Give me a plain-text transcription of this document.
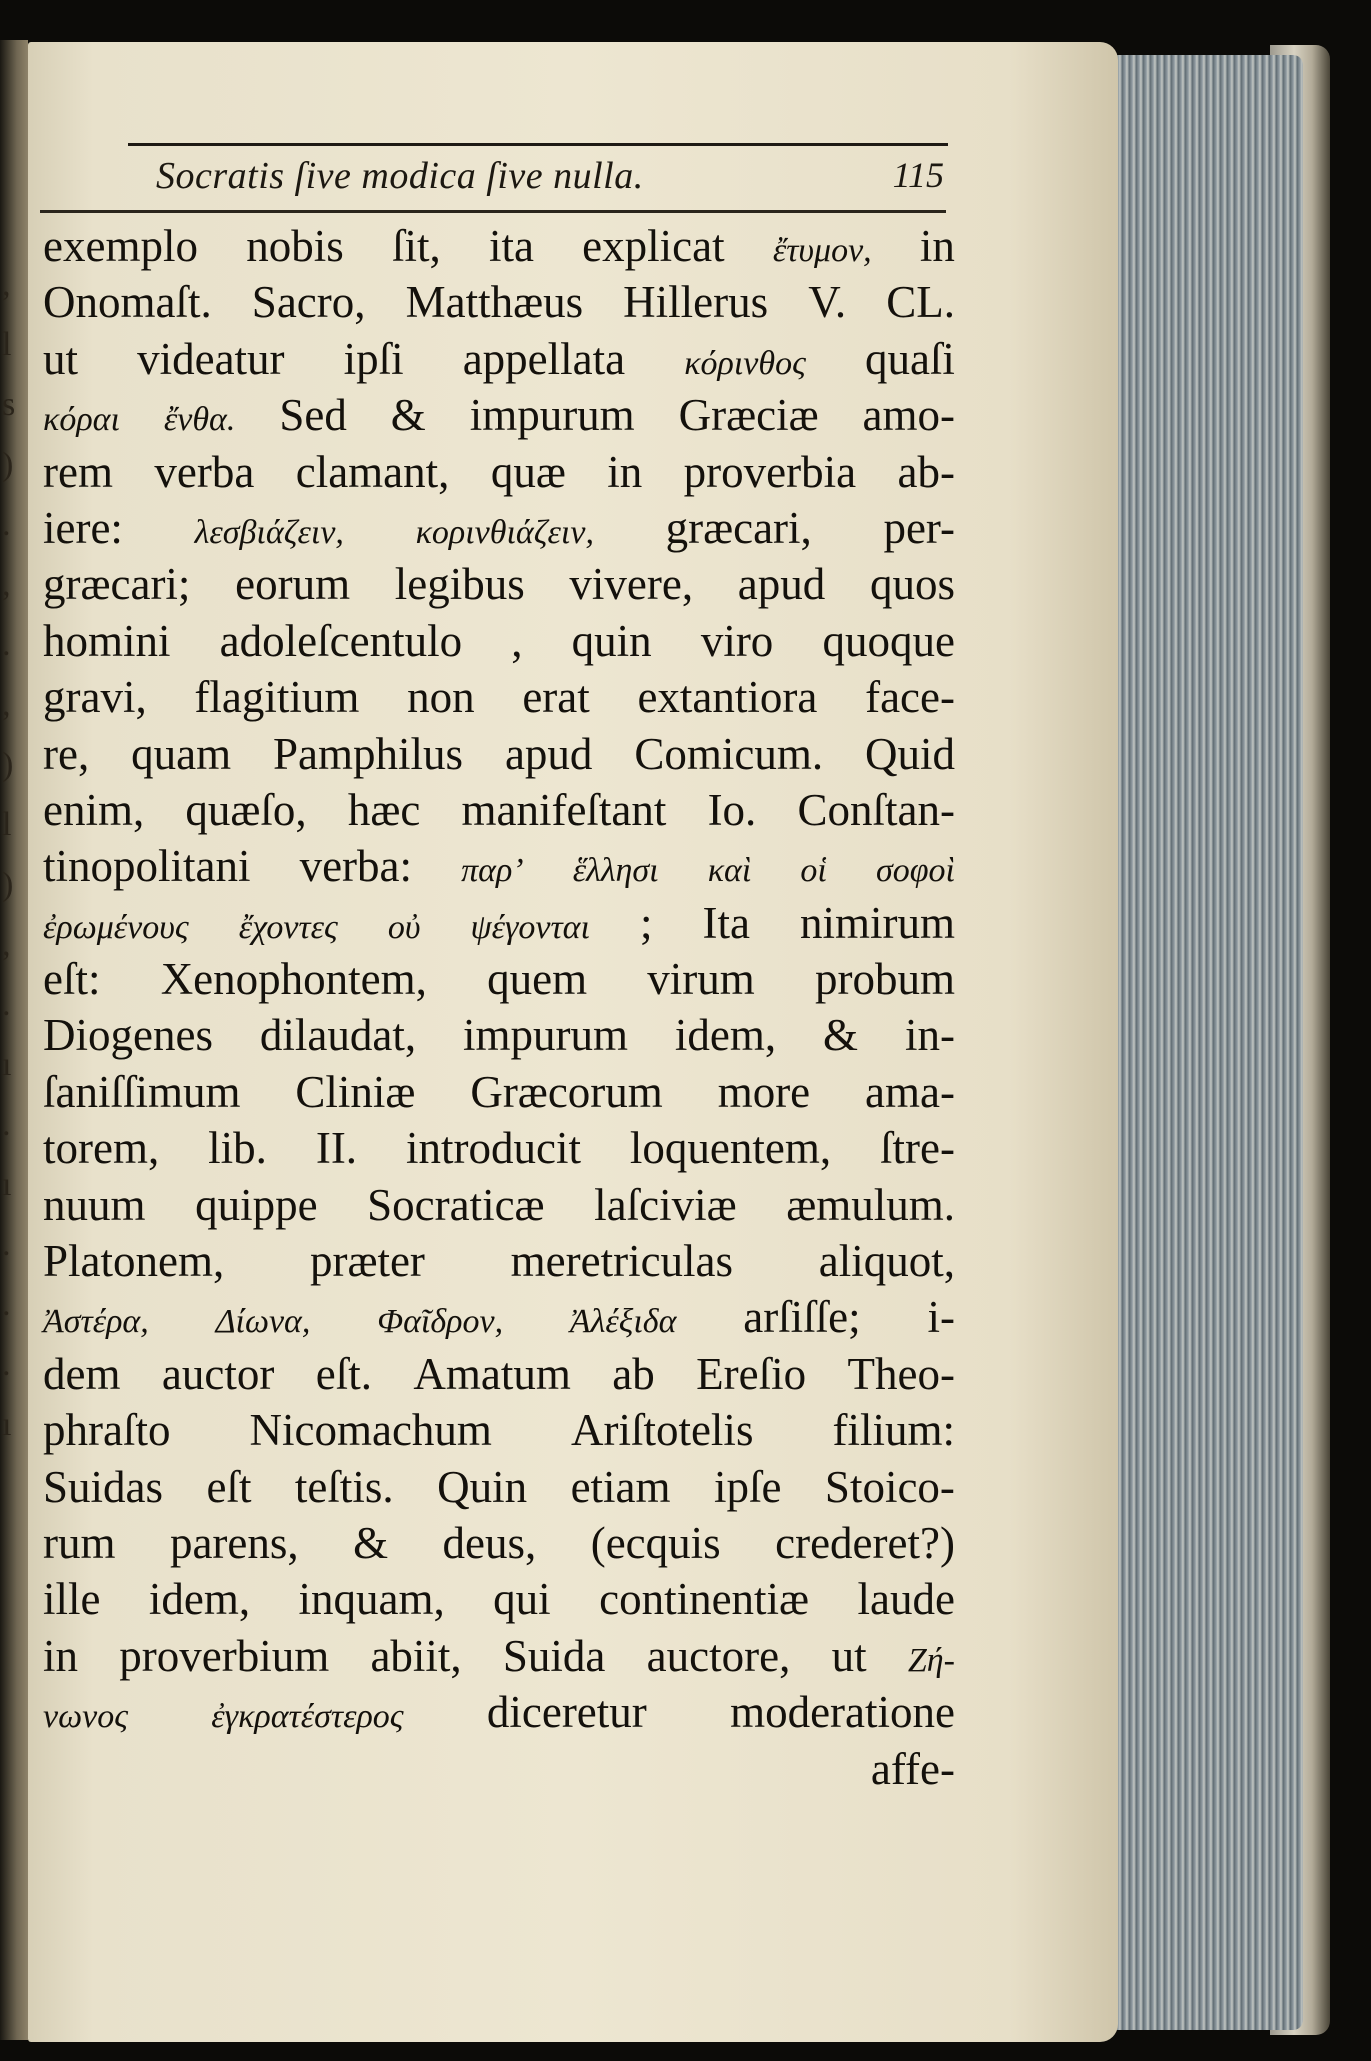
,
l
s
)
.
,
.
,
)
l
)
,
.
ı
.
ı
.
.
.
ı
Socratis ſive modica ſive nulla.	115
exemplo nobis ſit, ita explicat ἔτυμον, in
Onomaſt. Sacro, Matthæus Hillerus V. CL.
ut videatur ipſi appellata κόρινθος quaſi
κόραι ἔνθα. Sed & impurum Græciæ amo-
rem verba clamant, quæ in proverbia ab-
iere: λεσβιάζειν, κορινθιάζειν, græcari, per-
græcari; eorum legibus vivere, apud quos
homini adoleſcentulo , quin viro quoque
gravi, flagitium non erat extantiora face-
re, quam Pamphilus apud Comicum. Quid
enim, quæſo, hæc manifeſtant Io. Conſtan-
tinopolitani verba: παρ’ ἕλλησι καὶ οἱ σοφοὶ
ἐρωμένους ἔχοντες οὐ ψέγονται ; Ita nimirum
eſt: Xenophontem, quem virum probum
Diogenes dilaudat, impurum idem, & in-
ſaniſſimum Cliniæ Græcorum more ama-
torem, lib. II. introducit loquentem, ſtre-
nuum quippe Socraticæ laſciviæ æmulum.
Platonem, præter meretriculas aliquot,
Ἀστέρα, Δίωνα, Φαῖδρον, Ἀλέξιδα arſiſſe; i-
dem auctor eſt. Amatum ab Ereſio Theo-
phraſto Nicomachum Ariſtotelis filium:
Suidas eſt teſtis. Quin etiam ipſe Stoico-
rum parens, & deus, (ecquis crederet?)
ille idem, inquam, qui continentiæ laude
in proverbium abiit, Suida auctore, ut Ζή-
νωνος ἐγκρατέστερος diceretur moderatione
affe-
